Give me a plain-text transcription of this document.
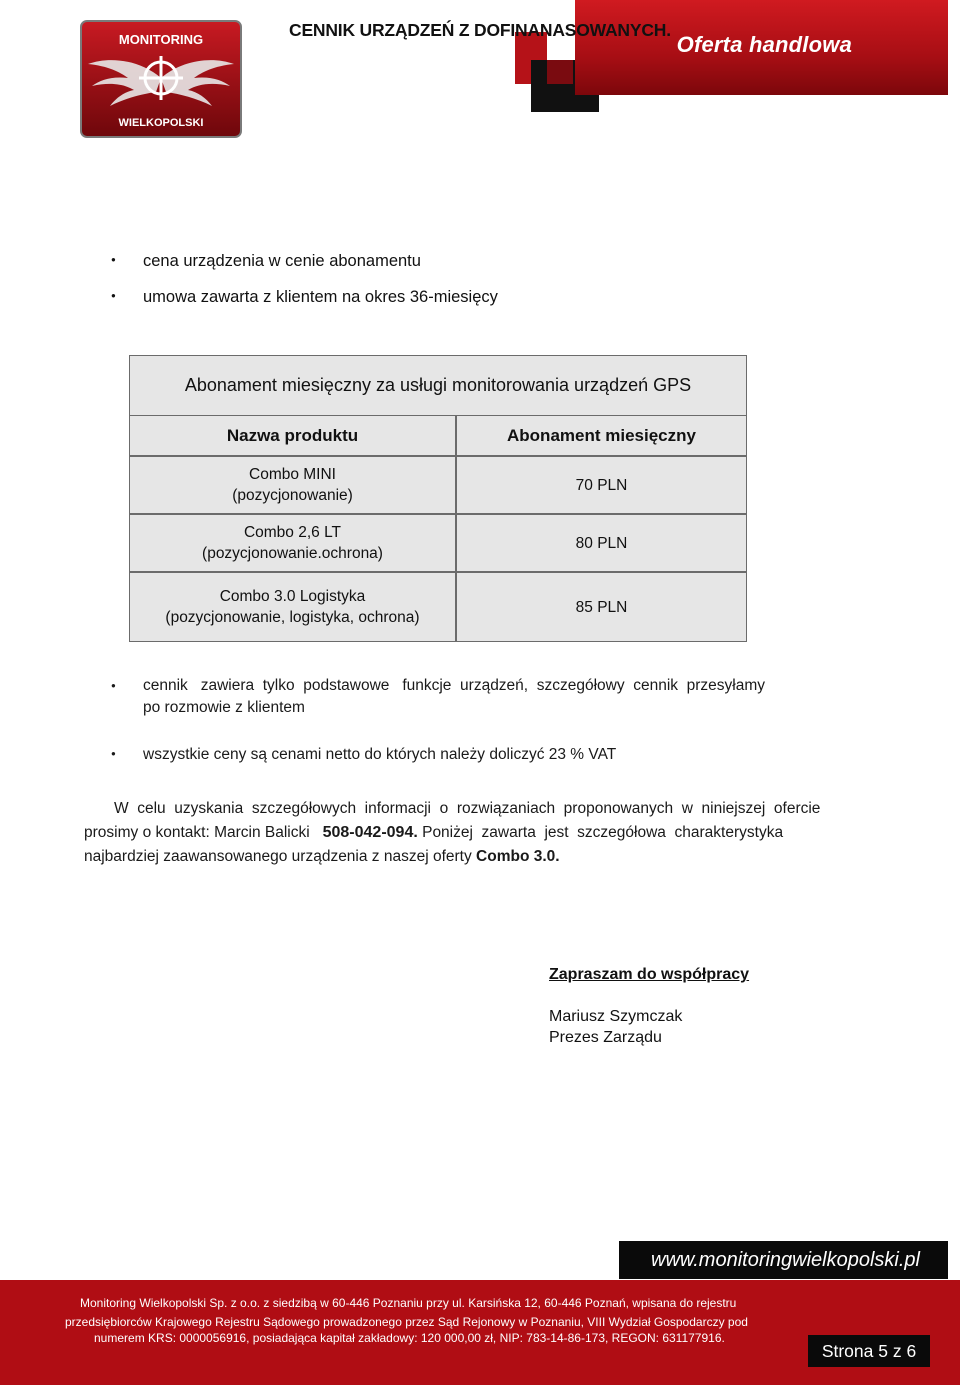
MONITORING
WIELKOPOLSKI
Oferta handlowa
CENNIK URZĄDZEŃ Z DOFINANASOWANYCH.
●
cena urządzenia w cenie abonamentu
●
umowa zawarta z klientem na okres 36-miesięcy
Abonament miesięczny za usługi monitorowania urządzeń GPS
Nazwa produktu	Abonament miesięczny
Combo MINI
(pozycjonowanie)
70 PLN
Combo 2,6 LT
(pozycjonowanie.ochrona)
80 PLN
Combo 3.0 Logistyka
(pozycjonowanie, logistyka, ochrona)
85 PLN
●
cennik   zawiera  tylko  podstawowe   funkcje  urządzeń,  szczegółowy  cennik  przesyłamy
po rozmowie z klientem
●
wszystkie ceny są cenami netto do których należy doliczyć 23 % VAT
W  celu  uzyskania  szczegółowych  informacji  o  rozwiązaniach  proponowanych  w  niniejszej  ofercie
prosimy o kontakt: Marcin Balicki 508-042-094. Poniżej  zawarta  jest  szczegółowa  charakterystyka
najbardziej zaawansowanego urządzenia z naszej oferty Combo 3.0.
Zapraszam do współpracy
Mariusz Szymczak
Prezes Zarządu
www.monitoringwielkopolski.pl
Monitoring Wielkopolski Sp. z o.o. z siedzibą w 60-446 Poznaniu przy ul. Karsińska 12, 60-446 Poznań, wpisana do rejestru
przedsiębiorców Krajowego Rejestru Sądowego prowadzonego przez Sąd Rejonowy w Poznaniu, VIII Wydział Gospodarczy pod
numerem KRS: 0000056916, posiadająca kapitał zakładowy: 120 000,00 zł, NIP: 783-14-86-173, REGON: 631177916.
Strona 5 z 6
